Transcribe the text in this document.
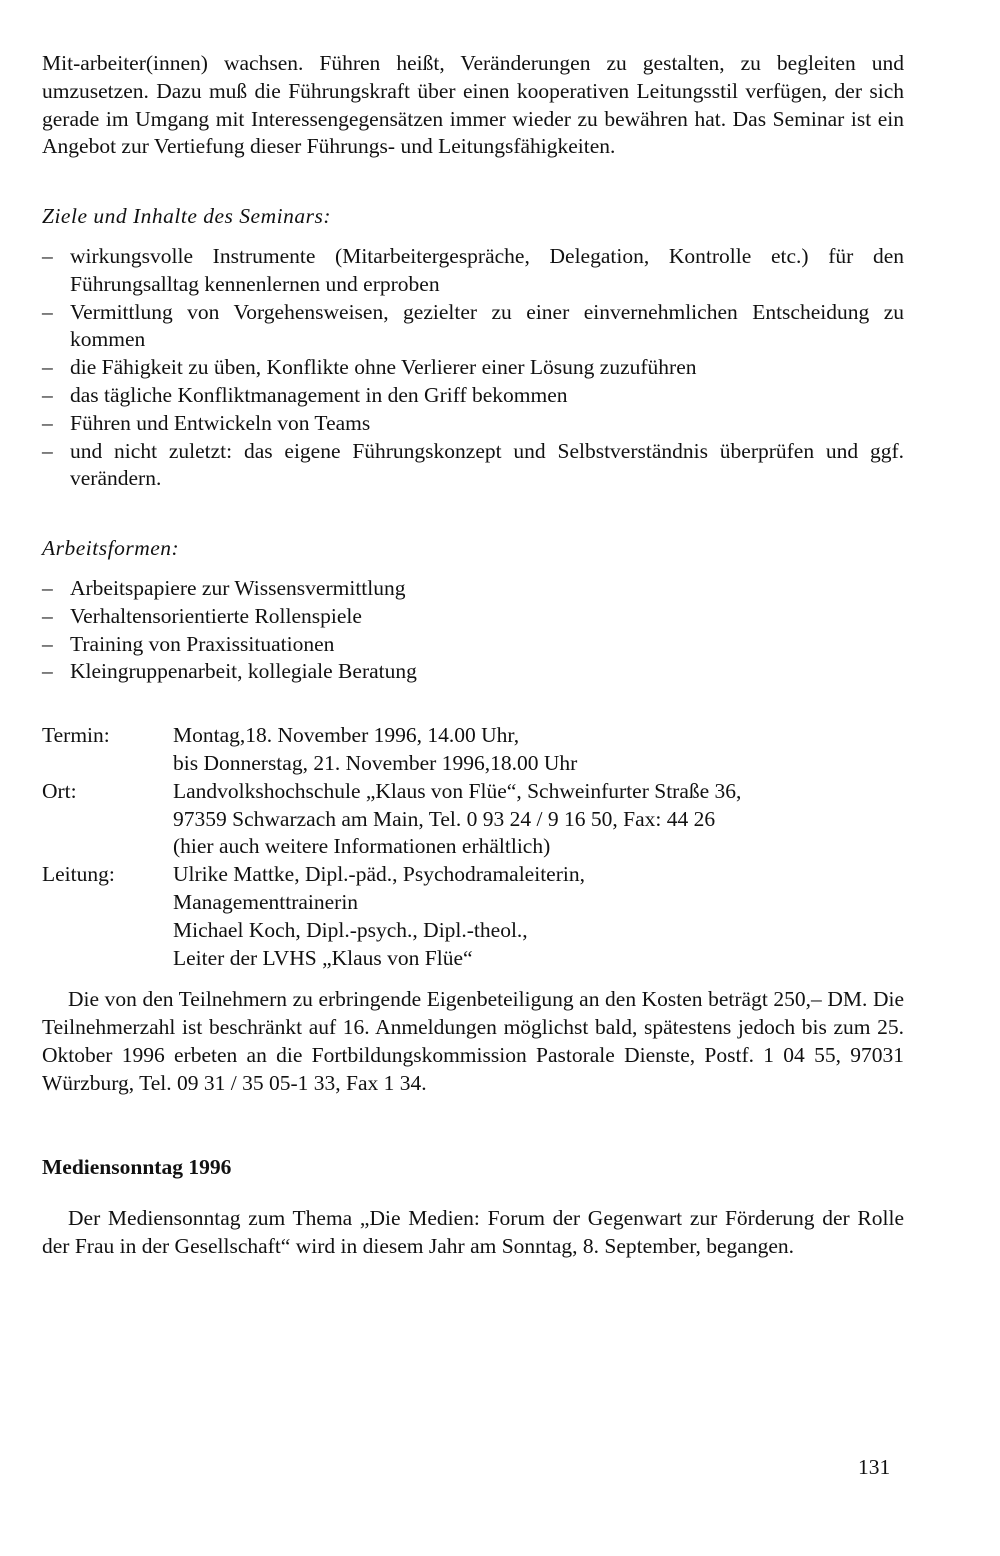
Mit-arbeiter(innen) wachsen. Führen heißt, Veränderungen zu gestalten, zu begleiten und umzusetzen. Dazu muß die Führungskraft über einen kooperativen Leitungsstil verfügen, der sich gerade im Umgang mit Interessengegensätzen immer wieder zu bewähren hat. Das Seminar ist ein Angebot zur Vertiefung dieser Führungs- und Leitungsfähigkeiten.

Ziele und Inhalte des Seminars:

– wirkungsvolle Instrumente (Mitarbeitergespräche, Delegation, Kontrolle etc.) für den Führungsalltag kennenlernen und erproben
– Vermittlung von Vorgehensweisen, gezielter zu einer einvernehmlichen Entscheidung zu kommen
– die Fähigkeit zu üben, Konflikte ohne Verlierer einer Lösung zuzuführen
– das tägliche Konfliktmanagement in den Griff bekommen
– Führen und Entwickeln von Teams
– und nicht zuletzt: das eigene Führungskonzept und Selbstverständnis überprüfen und ggf. verändern.

Arbeitsformen:

– Arbeitspapiere zur Wissensvermittlung
– Verhaltensorientierte Rollenspiele
– Training von Praxissituationen
– Kleingruppenarbeit, kollegiale Beratung
Termin:	Montag,18. November 1996, 14.00 Uhr,

bis Donnerstag, 21. November 1996,18.00 Uhr

Ort:	Landvolkshochschule „Klaus von Flüe“, Schweinfurter Straße 36,

97359 Schwarzach am Main, Tel. 0 93 24 / 9 16 50, Fax: 44 26

(hier auch weitere Informationen erhältlich)

Leitung:	Ulrike Mattke, Dipl.-päd., Psychodramaleiterin,

Managementtrainerin

Michael Koch, Dipl.-psych., Dipl.-theol.,

Leiter der LVHS „Klaus von Flüe“

Die von den Teilnehmern zu erbringende Eigenbeteiligung an den Kosten beträgt 250,– DM. Die Teilnehmerzahl ist beschränkt auf 16. Anmeldungen möglichst bald, spätestens jedoch bis zum 25. Oktober 1996 erbeten an die Fortbildungskommission Pastorale Dienste, Postf. 1 04 55, 97031 Würzburg, Tel. 09 31 / 35 05-1 33, Fax 1 34.

Mediensonntag 1996

Der Mediensonntag zum Thema „Die Medien: Forum der Gegenwart zur Förderung der Rolle der Frau in der Gesellschaft“ wird in diesem Jahr am Sonntag, 8. September, begangen.

131
